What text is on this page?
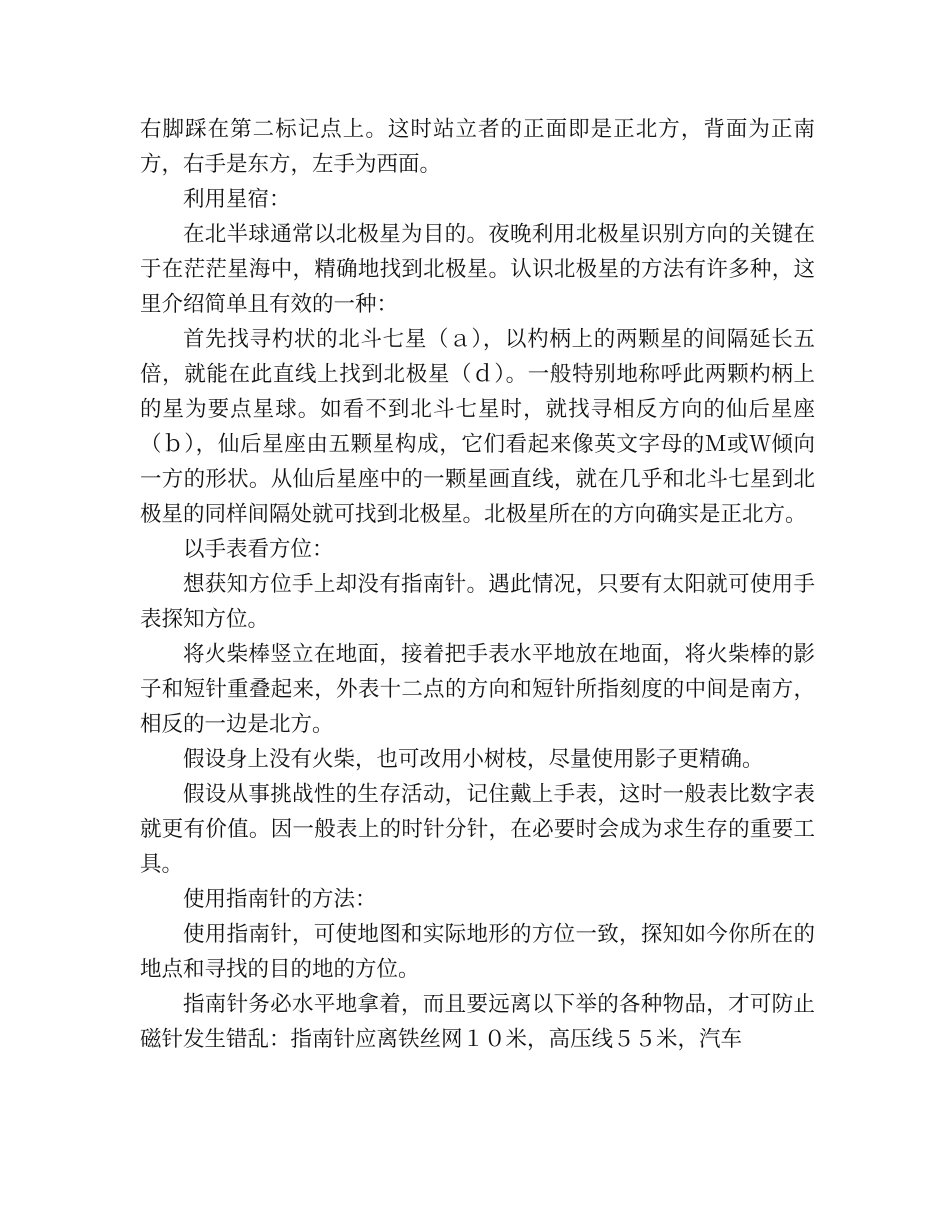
右脚踩在第二标记点上。这时站立者的正面即是正北方，背面为正南方，右手是东方，左手为西面。

利用星宿：

在北半球通常以北极星为目的。夜晚利用北极星识别方向的关键在于在茫茫星海中，精确地找到北极星。认识北极星的方法有许多种，这里介绍简单且有效的一种：

首先找寻杓状的北斗七星（ａ），以杓柄上的两颗星的间隔延长五倍，就能在此直线上找到北极星（ｄ）。一般特别地称呼此两颗杓柄上的星为要点星球。如看不到北斗七星时，就找寻相反方向的仙后星座（ｂ），仙后星座由五颗星构成，它们看起来像英文字母的Ｍ或Ｗ倾向一方的形状。从仙后星座中的一颗星画直线，就在几乎和北斗七星到北极星的同样间隔处就可找到北极星。北极星所在的方向确实是正北方。

以手表看方位：

想获知方位手上却没有指南针。遇此情况，只要有太阳就可使用手表探知方位。

将火柴棒竖立在地面，接着把手表水平地放在地面，将火柴棒的影子和短针重叠起来，外表十二点的方向和短针所指刻度的中间是南方，相反的一边是北方。

假设身上没有火柴，也可改用小树枝，尽量使用影子更精确。

假设从事挑战性的生存活动，记住戴上手表，这时一般表比数字表就更有价值。因一般表上的时针分针，在必要时会成为求生存的重要工具。

使用指南针的方法：

使用指南针，可使地图和实际地形的方位一致，探知如今你所在的地点和寻找的目的地的方位。

指南针务必水平地拿着，而且要远离以下举的各种物品，才可防止磁针发生错乱：指南针应离铁丝网１０米，高压线５５米，汽车
